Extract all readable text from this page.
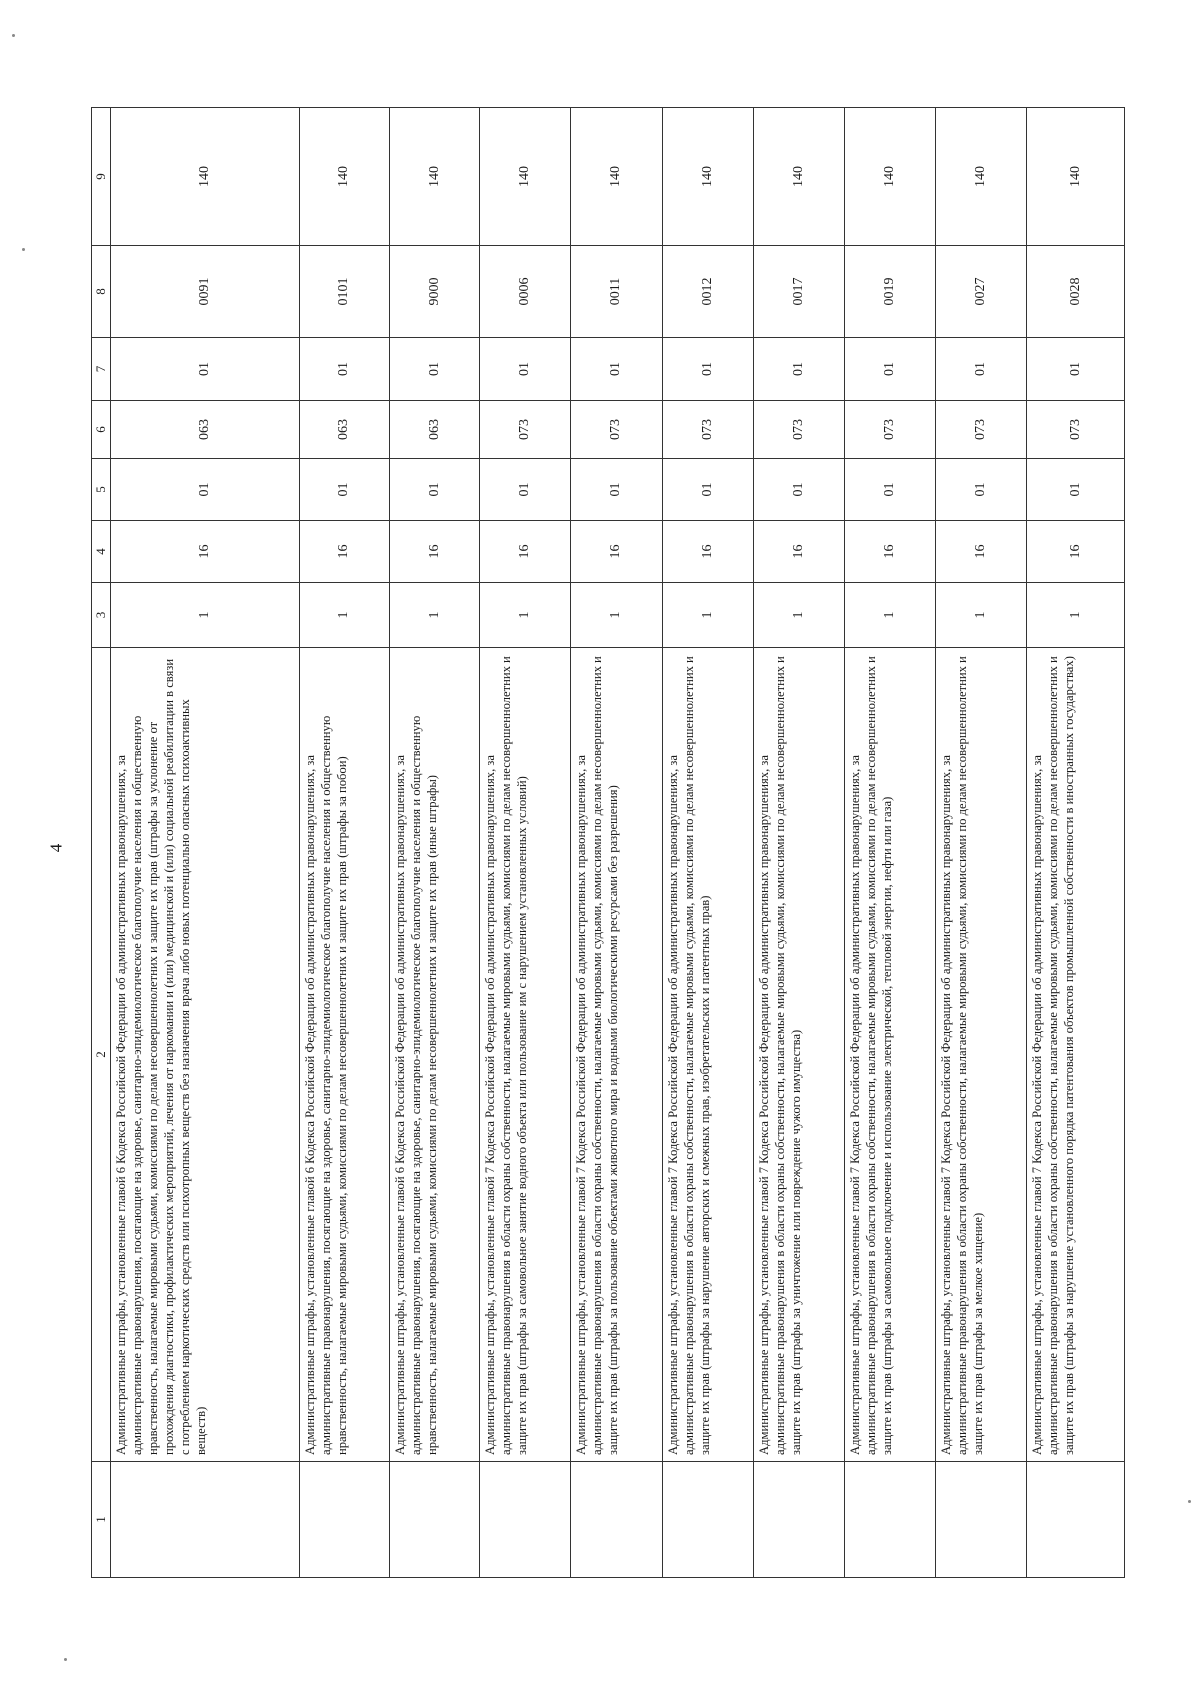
4
1	2	3	4	5	6	7	8	9
	Административные штрафы, установленные главой 6 Кодекса Российской Федерации об административных правонарушениях, за административные правонарушения, посягающие на здоровье, санитарно-эпидемиологическое благополучие населения и общественную нравственность, налагаемые мировыми судьями, комиссиями по делам несовершеннолетних и защите их прав (штрафы за уклонение от прохождения диагностики, профилактических мероприятий, лечения от наркомании и (или) медицинской и (или) социальной реабилитации в связи с потреблением наркотических средств или психотропных веществ без назначения врача либо новых потенциально опасных психоактивных веществ)	1	16	01	063	01	0091	140
	Административные штрафы, установленные главой 6 Кодекса Российской Федерации об административных правонарушениях, за административные правонарушения, посягающие на здоровье, санитарно-эпидемиологическое благополучие населения и общественную нравственность, налагаемые мировыми судьями, комиссиями по делам несовершеннолетних и защите их прав (штрафы за побои)	1	16	01	063	01	0101	140
	Административные штрафы, установленные главой 6 Кодекса Российской Федерации об административных правонарушениях, за административные правонарушения, посягающие на здоровье, санитарно-эпидемиологическое благополучие населения и общественную нравственность, налагаемые мировыми судьями, комиссиями по делам несовершеннолетних и защите их прав (иные штрафы)	1	16	01	063	01	9000	140
	Административные штрафы, установленные главой 7 Кодекса Российской Федерации об административных правонарушениях, за административные правонарушения в области охраны собственности, налагаемые мировыми судьями, комиссиями по делам несовершеннолетних и защите их прав (штрафы за самовольное занятие водного объекта или пользование им с нарушением установленных условий)	1	16	01	073	01	0006	140
	Административные штрафы, установленные главой 7 Кодекса Российской Федерации об административных правонарушениях, за административные правонарушения в области охраны собственности, налагаемые мировыми судьями, комиссиями по делам несовершеннолетних и защите их прав (штрафы за пользование объектами животного мира и водными биологическими ресурсами без разрешения)	1	16	01	073	01	0011	140
	Административные штрафы, установленные главой 7 Кодекса Российской Федерации об административных правонарушениях, за административные правонарушения в области охраны собственности, налагаемые мировыми судьями, комиссиями по делам несовершеннолетних и защите их прав (штрафы за нарушение авторских и смежных прав, изобретательских и патентных прав)	1	16	01	073	01	0012	140
	Административные штрафы, установленные главой 7 Кодекса Российской Федерации об административных правонарушениях, за административные правонарушения в области охраны собственности, налагаемые мировыми судьями, комиссиями по делам несовершеннолетних и защите их прав (штрафы за уничтожение или повреждение чужого имущества)	1	16	01	073	01	0017	140
	Административные штрафы, установленные главой 7 Кодекса Российской Федерации об административных правонарушениях, за административные правонарушения в области охраны собственности, налагаемые мировыми судьями, комиссиями по делам несовершеннолетних и защите их прав (штрафы за самовольное подключение и использование электрической, тепловой энергии, нефти или газа)	1	16	01	073	01	0019	140
	Административные штрафы, установленные главой 7 Кодекса Российской Федерации об административных правонарушениях, за административные правонарушения в области охраны собственности, налагаемые мировыми судьями, комиссиями по делам несовершеннолетних и защите их прав (штрафы за мелкое хищение)	1	16	01	073	01	0027	140
	Административные штрафы, установленные главой 7 Кодекса Российской Федерации об административных правонарушениях, за административные правонарушения в области охраны собственности, налагаемые мировыми судьями, комиссиями по делам несовершеннолетних и защите их прав (штрафы за нарушение установленного порядка патентования объектов промышленной собственности в иностранных государствах)	1	16	01	073	01	0028	140
